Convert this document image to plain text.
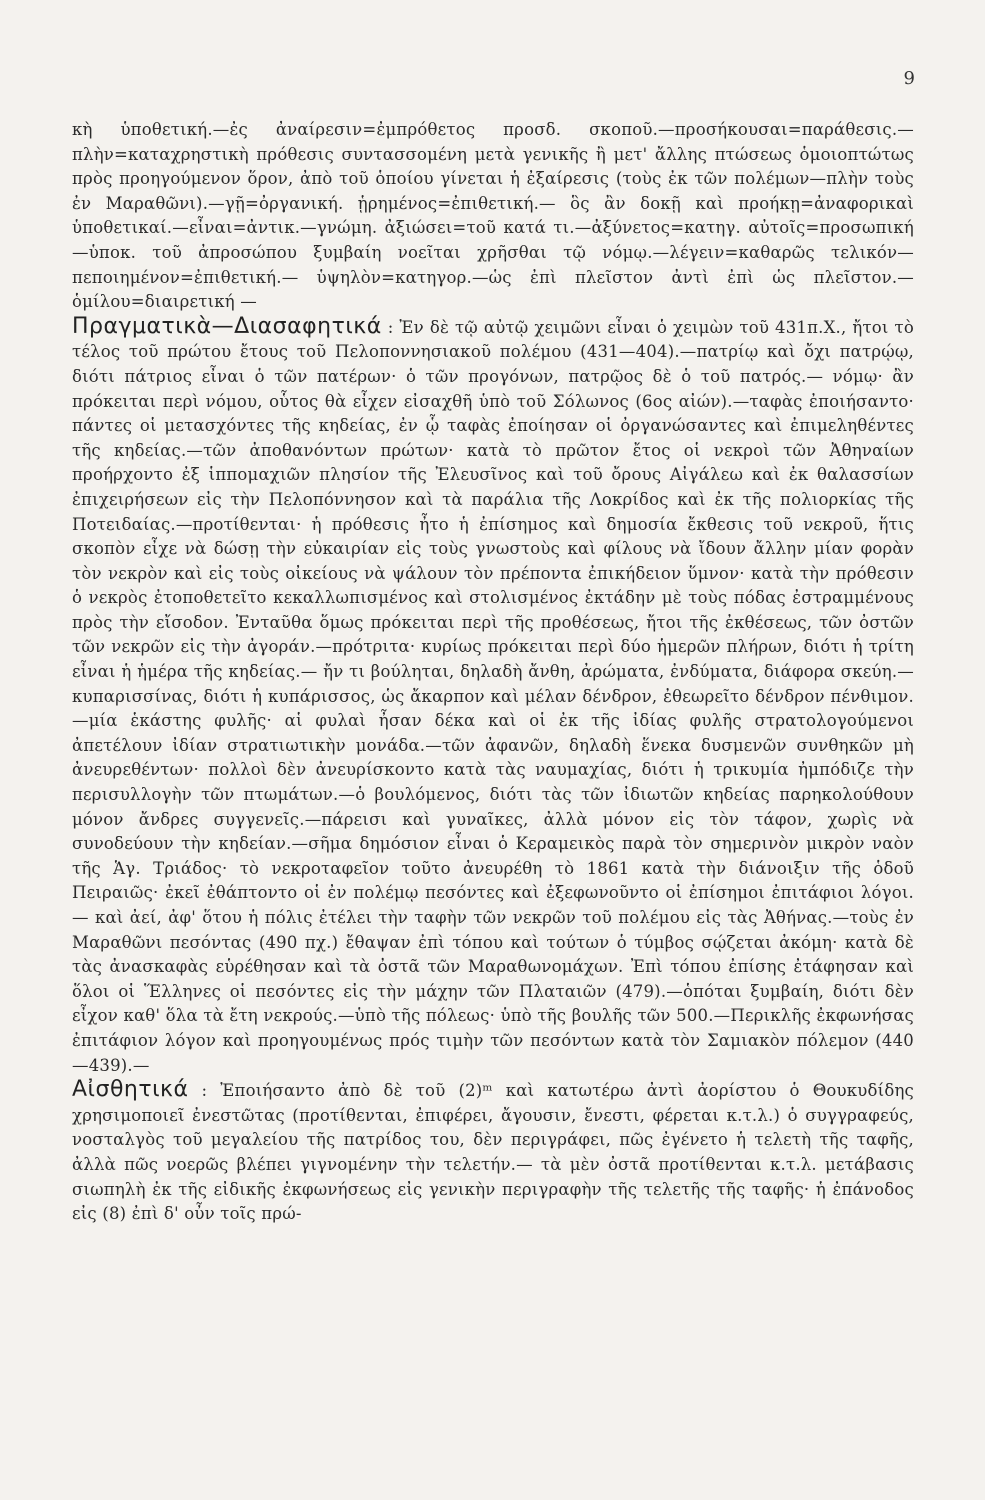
9

κὴ ὑποθετική.—ἐς ἀναίρεσιν=ἐμπρόθετος προσδ. σκοποῦ.—προσήκουσαι=παράθεσις.—πλὴν=καταχρηστικὴ πρόθεσις συντασσομένη μετὰ γενικῆς ἢ μετ' ἄλλης πτώσεως ὁμοιοπτώτως πρὸς προηγούμενον ὅρον, ἀπὸ τοῦ ὁποίου γίνεται ἡ ἐξαίρεσις (τοὺς ἐκ τῶν πολέμων—πλὴν τοὺς ἐν Μαραθῶνι).—γῇ=ὀργανική. ᾑρημένος=ἐπιθετική.— ὃς ἂν δοκῇ καὶ προήκῃ=ἀναφορικαὶ ὑποθετικαί.—εἶναι=ἀντικ.—γνώμη. ἀξιώσει=τοῦ κατά τι.—ἀξύνετος=κατηγ. αὐτοῖς=προσωπική—ὑποκ. τοῦ ἀπροσώπου ξυμβαίη νοεῖται χρῆσθαι τῷ νόμῳ.—λέγειν=καθαρῶς τελικόν—πεποιημένον=ἐπιθετική.— ὑψηλὸν=κατηγορ.—ὡς ἐπὶ πλεῖστον ἀντὶ ἐπὶ ὡς πλεῖστον.—ὁμίλου=διαιρετική —

Πραγματικὰ—Διασαφητικά : Ἐν δὲ τῷ αὐτῷ χειμῶνι εἶναι ὁ χειμὼν τοῦ 431π.Χ., ἤτοι τὸ τέλος τοῦ πρώτου ἔτους τοῦ Πελοποννησιακοῦ πολέμου (431—404).—πατρίῳ καὶ ὄχι πατρῴῳ, διότι πάτριος εἶναι ὁ τῶν πατέρων· ὁ τῶν προγόνων, πατρῷος δὲ ὁ τοῦ πατρός.— νόμῳ· ἂν πρόκειται περὶ νόμου, οὗτος θὰ εἶχεν εἰσαχθῆ ὑπὸ τοῦ Σόλωνος (6ος αἰών).—ταφὰς ἐποιήσαντο· πάντες οἱ μετασχόντες τῆς κηδείας, ἐν ᾧ ταφὰς ἐποίησαν οἱ ὀργανώσαντες καὶ ἐπιμεληθέντες τῆς κηδείας.—τῶν ἀποθανόντων πρώτων· κατὰ τὸ πρῶτον ἔτος οἱ νεκροὶ τῶν Ἀθηναίων προήρχοντο ἐξ ἱππομαχιῶν πλησίον τῆς Ἐλευσῖνος καὶ τοῦ ὄρους Αἰγάλεω καὶ ἐκ θαλασσίων ἐπιχειρήσεων εἰς τὴν Πελοπόννησον καὶ τὰ παράλια τῆς Λοκρίδος καὶ ἐκ τῆς πολιορκίας τῆς Ποτειδαίας.—προτίθενται· ἡ πρόθεσις ἦτο ἡ ἐπίσημος καὶ δημοσία ἔκθεσις τοῦ νεκροῦ, ἥτις σκοπὸν εἶχε νὰ δώσῃ τὴν εὐκαιρίαν εἰς τοὺς γνωστοὺς καὶ φίλους νὰ ἴδουν ἄλλην μίαν φορὰν τὸν νεκρὸν καὶ εἰς τοὺς οἰκείους νὰ ψάλουν τὸν πρέποντα ἐπικήδειον ὕμνον· κατὰ τὴν πρόθεσιν ὁ νεκρὸς ἐτοποθετεῖτο κεκαλλωπισμένος καὶ στολισμένος ἐκτάδην μὲ τοὺς πόδας ἐστραμμένους πρὸς τὴν εἴσοδον. Ἐνταῦθα ὅμως πρόκειται περὶ τῆς προθέσεως, ἤτοι τῆς ἐκθέσεως, τῶν ὀστῶν τῶν νεκρῶν εἰς τὴν ἀγοράν.—πρότριτα· κυρίως πρόκειται περὶ δύο ἡμερῶν πλήρων, διότι ἡ τρίτη εἶναι ἡ ἡμέρα τῆς κηδείας.— ἤν τι βούληται, δηλαδὴ ἄνθη, ἀρώματα, ἐνδύματα, διάφορα σκεύη.—κυπαρισσίνας, διότι ἡ κυπάρισσος, ὡς ἄκαρπον καὶ μέλαν δένδρον, ἐθεωρεῖτο δένδρον πένθιμον.—μία ἑκάστης φυλῆς· αἱ φυλαὶ ἦσαν δέκα καὶ οἱ ἐκ τῆς ἰδίας φυλῆς στρατολογούμενοι ἀπετέλουν ἰδίαν στρατιωτικὴν μονάδα.—τῶν ἀφανῶν, δηλαδὴ ἕνεκα δυσμενῶν συνθηκῶν μὴ ἀνευρεθέντων· πολλοὶ δὲν ἀνευρίσκοντο κατὰ τὰς ναυμαχίας, διότι ἡ τρικυμία ἠμπόδιζε τὴν περισυλλογὴν τῶν πτωμάτων.—ὁ βουλόμενος, διότι τὰς τῶν ἰδιωτῶν κηδείας παρηκολούθουν μόνον ἄνδρες συγγενεῖς.—πάρεισι καὶ γυναῖκες, ἀλλὰ μόνον εἰς τὸν τάφον, χωρὶς νὰ συνοδεύουν τὴν κηδείαν.—σῆμα δημόσιον εἶναι ὁ Κεραμεικὸς παρὰ τὸν σημερινὸν μικρὸν ναὸν τῆς Ἁγ. Τριάδος· τὸ νεκροταφεῖον τοῦτο ἀνευρέθη τὸ 1861 κατὰ τὴν διάνοιξιν τῆς ὁδοῦ Πειραιῶς· ἐκεῖ ἐθάπτοντο οἱ ἐν πολέμῳ πεσόντες καὶ ἐξεφωνοῦντο οἱ ἐπίσημοι ἐπιτάφιοι λόγοι.— καὶ ἀεί, ἀφ' ὅτου ἡ πόλις ἐτέλει τὴν ταφὴν τῶν νεκρῶν τοῦ πολέμου εἰς τὰς Ἀθήνας.—τοὺς ἐν Μαραθῶνι πεσόντας (490 πχ.) ἔθαψαν ἐπὶ τόπου καὶ τούτων ὁ τύμβος σῴζεται ἀκόμη· κατὰ δὲ τὰς ἀνασκαφὰς εὑρέθησαν καὶ τὰ ὀστᾶ τῶν Μαραθωνομάχων. Ἐπὶ τόπου ἐπίσης ἐτάφησαν καὶ ὅλοι οἱ Ἕλληνες οἱ πεσόντες εἰς τὴν μάχην τῶν Πλαταιῶν (479).—ὁπόται ξυμβαίη, διότι δὲν εἶχον καθ' ὅλα τὰ ἔτη νεκρούς.—ὑπὸ τῆς πόλεως· ὑπὸ τῆς βουλῆς τῶν 500.—Περικλῆς ἐκφωνήσας ἐπιτάφιον λόγον καὶ προηγουμένως πρός τιμὴν τῶν πεσόντων κατὰ τὸν Σαμιακὸν πόλεμον (440—439).—

Αἰσθητικά : Ἐποιήσαντο ἀπὸ δὲ τοῦ (2)ᵐ καὶ κατωτέρω ἀντὶ ἀορίστου ὁ Θουκυδίδης χρησιμοποιεῖ ἐνεστῶτας (προτίθενται, ἐπιφέρει, ἄγουσιν, ἔνεστι, φέρεται κ.τ.λ.) ὁ συγγραφεύς, νοσταλγὸς τοῦ μεγαλείου τῆς πατρίδος του, δὲν περιγράφει, πῶς ἐγένετο ἡ τελετὴ τῆς ταφῆς, ἀλλὰ πῶς νοερῶς βλέπει γιγνομένην τὴν τελετήν.— τὰ μὲν ὀστᾶ προτίθενται κ.τ.λ. μετάβασις σιωπηλὴ ἐκ τῆς εἰδικῆς ἐκφωνήσεως εἰς γενικὴν περιγραφὴν τῆς τελετῆς τῆς ταφῆς· ἡ ἐπάνοδος εἰς (8) ἐπὶ δ' οὖν τοῖς πρώ-
